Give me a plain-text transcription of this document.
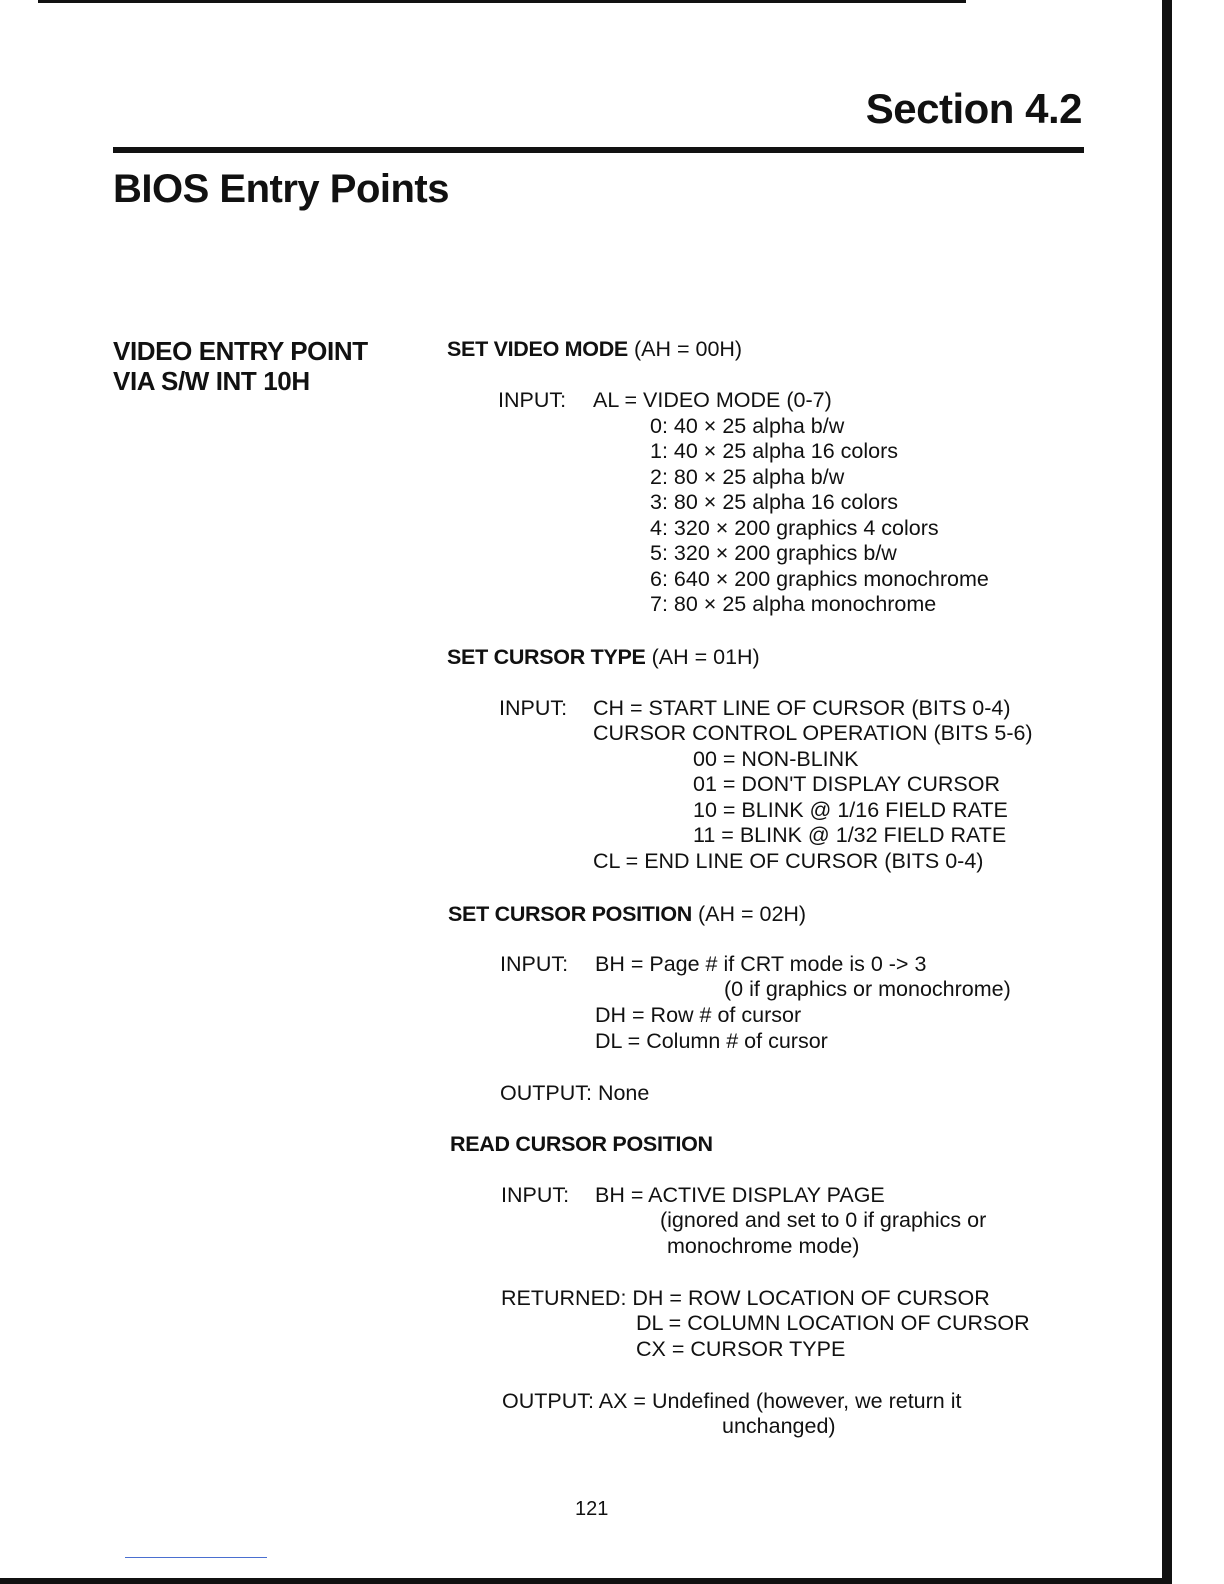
Section 4.2
BIOS Entry Points
VIDEO ENTRY POINT
VIA S/W INT 10H
SET VIDEO MODE (AH = 00H)
INPUT: AL = VIDEO MODE (0-7)
0: 40 × 25 alpha b/w
1: 40 × 25 alpha 16 colors
2: 80 × 25 alpha b/w
3: 80 × 25 alpha 16 colors
4: 320 × 200 graphics 4 colors
5: 320 × 200 graphics b/w
6: 640 × 200 graphics monochrome
7: 80 × 25 alpha monochrome
SET CURSOR TYPE (AH = 01H)
INPUT: CH = START LINE OF CURSOR (BITS 0-4)
CURSOR CONTROL OPERATION (BITS 5-6)
00 = NON-BLINK
01 = DON'T DISPLAY CURSOR
10 = BLINK @ 1/16 FIELD RATE
11 = BLINK @ 1/32 FIELD RATE
CL = END LINE OF CURSOR (BITS 0-4)
SET CURSOR POSITION (AH = 02H)
INPUT: BH = Page # if CRT mode is 0 -> 3
(0 if graphics or monochrome)
DH = Row # of cursor
DL = Column # of cursor
OUTPUT: None
READ CURSOR POSITION
INPUT: BH = ACTIVE DISPLAY PAGE
(ignored and set to 0 if graphics or
monochrome mode)
RETURNED: DH = ROW LOCATION OF CURSOR
DL = COLUMN LOCATION OF CURSOR
CX = CURSOR TYPE
OUTPUT: AX = Undefined (however, we return it
unchanged)
121
